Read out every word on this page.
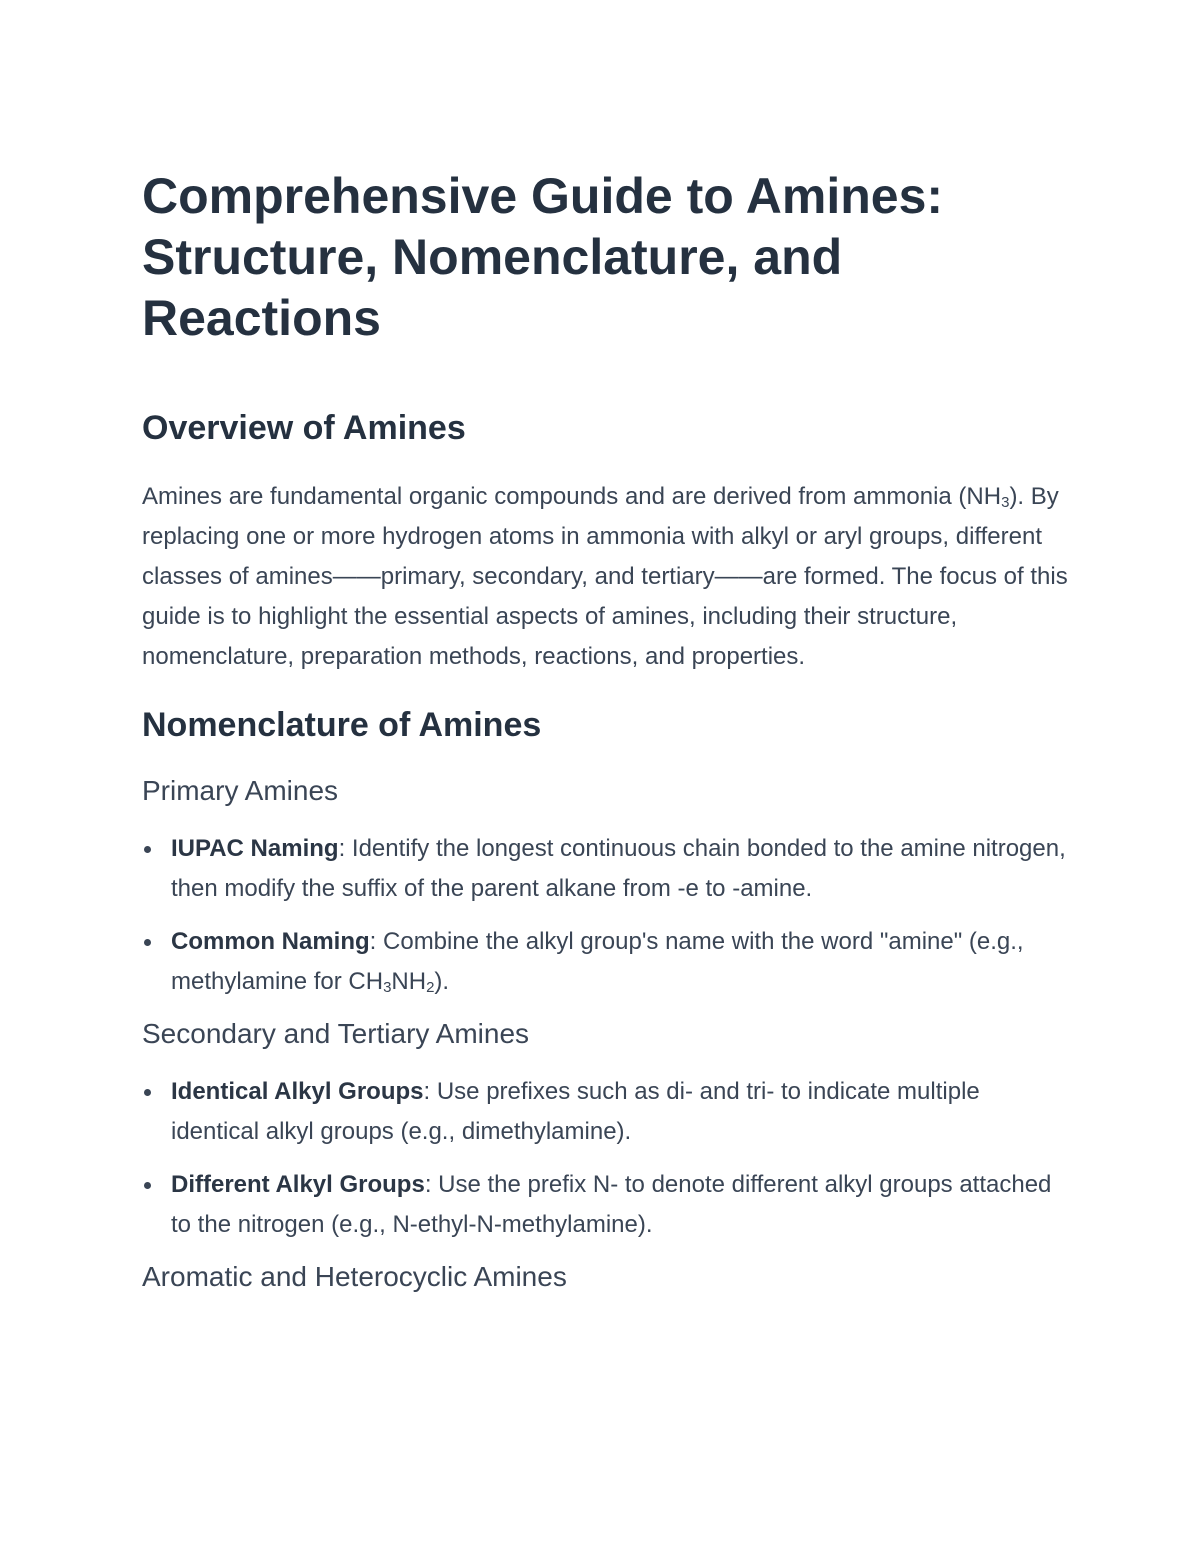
Comprehensive Guide to Amines: Structure, Nomenclature, and Reactions
Overview of Amines

Amines are fundamental organic compounds and are derived from ammonia $(NH_3)$. By replacing one or more hydrogen atoms in ammonia with alkyl or aryl groups, different classes of amines——primary, secondary, and tertiary——are formed. The focus of this guide is to highlight the essential aspects of amines, including their structure, nomenclature, preparation methods, reactions, and properties.

Nomenclature of Amines
Primary Amines
IUPAC Naming: Identify the longest continuous chain bonded to the amine nitrogen, then modify the suffix of the parent alkane from -e to -amine.
Common Naming: Combine the alkyl group's name with the word "amine" (e.g., methylamine for $CH_3NH_2$).
Secondary and Tertiary Amines
Identical Alkyl Groups: Use prefixes such as di- and tri- to indicate multiple identical alkyl groups (e.g., dimethylamine).
Different Alkyl Groups: Use the prefix N- to denote different alkyl groups attached to the nitrogen (e.g., N-ethyl-N-methylamine).
Aromatic and Heterocyclic Amines
